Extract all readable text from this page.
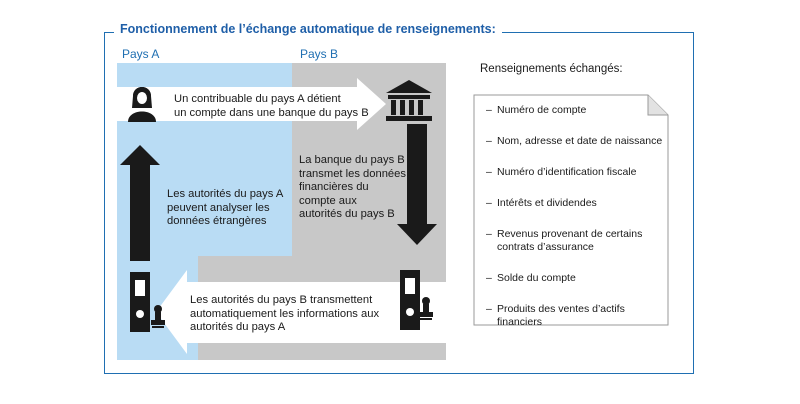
Fonctionnement de l’échange automatique de renseignements:
Pays A	Pays B
Un contribuable du pays A détient
un compte dans une banque du pays B
La banque du pays B
transmet les données
financières du
compte aux
autorités du pays B
Les autorités du pays B transmettent
automatiquement les informations aux
autorités du pays A
Les autorités du pays A
peuvent analyser les
données étrangères
Renseignements échangés:
– Numéro de compte
– Nom, adresse et date de naissance
– Numéro d’identification fiscale
– Intérêts et dividendes
– Revenus provenant de certains
contrats d’assurance
– Solde du compte
– Produits des ventes d’actifs
financiers
